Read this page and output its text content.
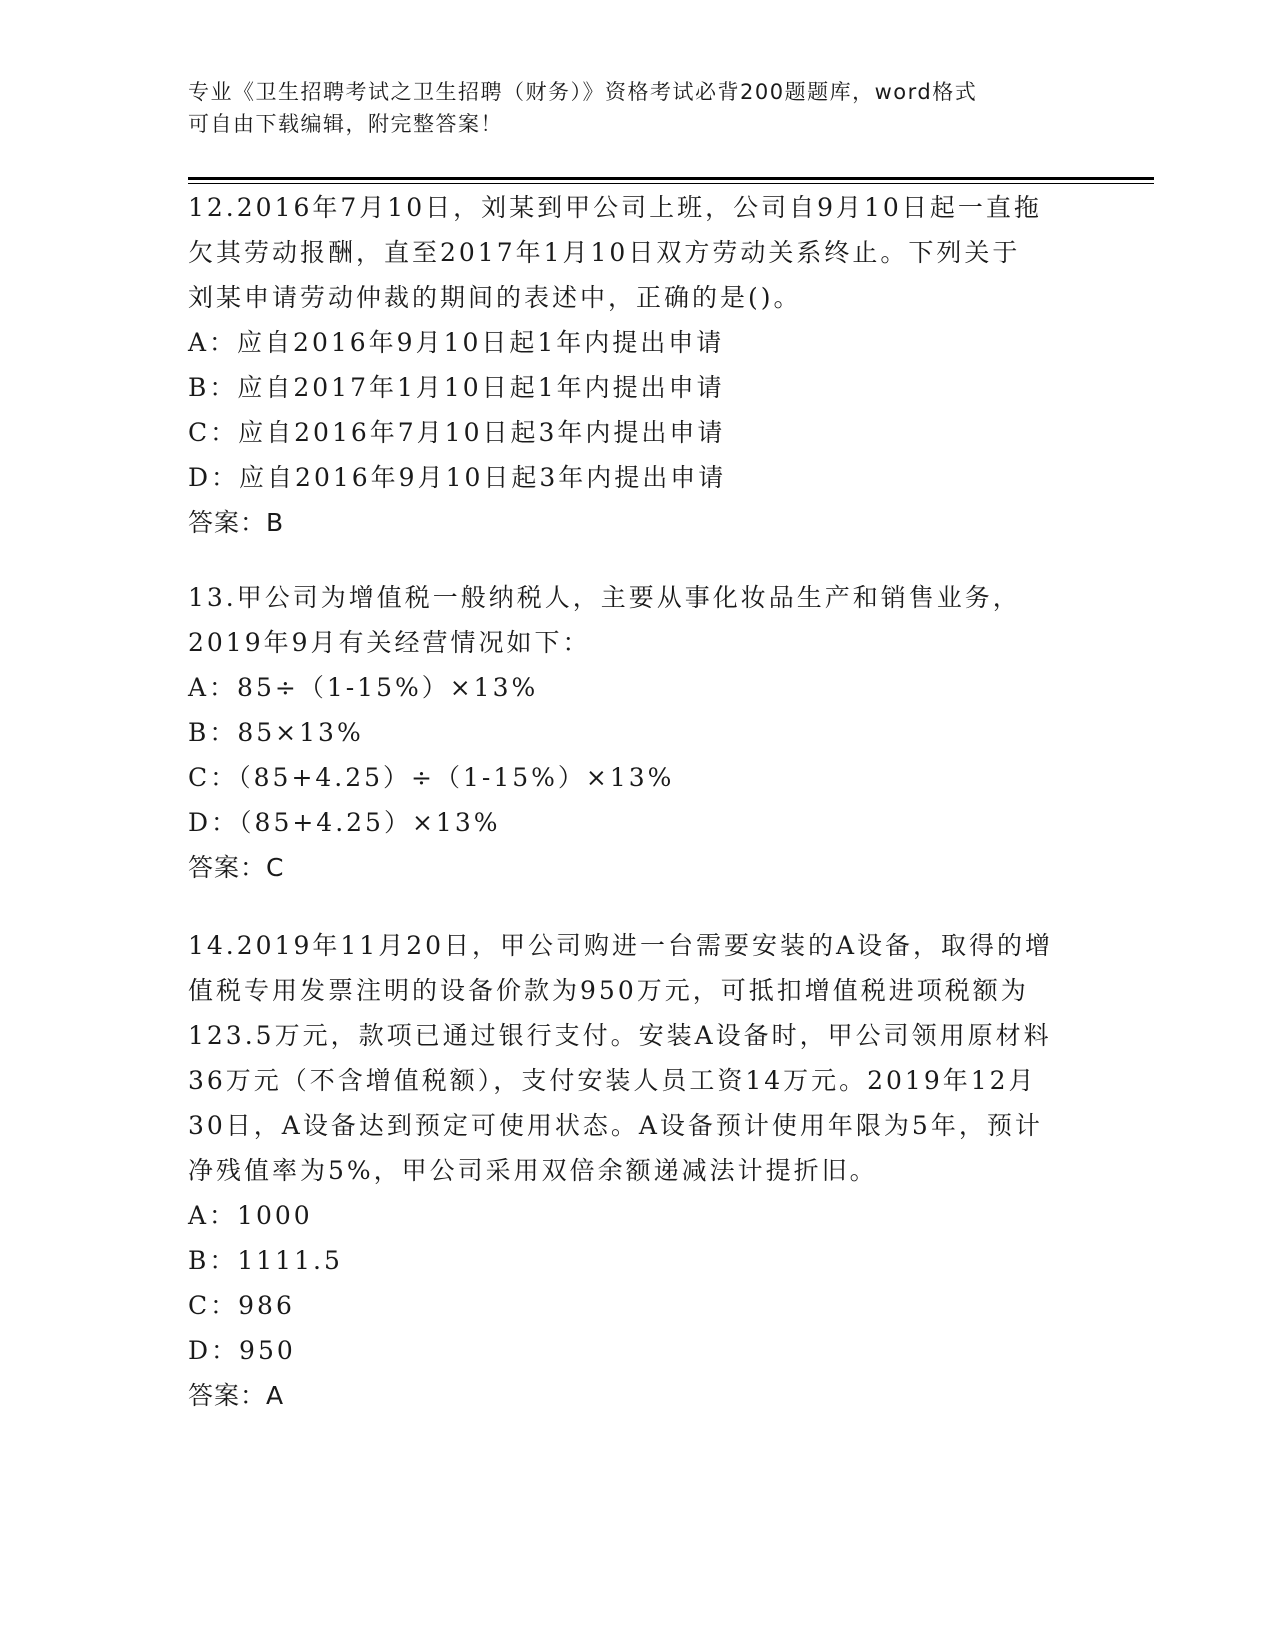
专业《卫生招聘考试之卫生招聘（财务）》资格考试必背200题题库，word格式
可自由下载编辑，附完整答案！
12.2016年7月10日，刘某到甲公司上班，公司自9月10日起一直拖
欠其劳动报酬，直至2017年1月10日双方劳动关系终止。下列关于
刘某申请劳动仲裁的期间的表述中，正确的是()。
A：应自2016年9月10日起1年内提出申请
B：应自2017年1月10日起1年内提出申请
C：应自2016年7月10日起3年内提出申请
D：应自2016年9月10日起3年内提出申请
答案：B
13.甲公司为增值税一般纳税人，主要从事化妆品生产和销售业务，
2019年9月有关经营情况如下：
A：85÷（1-15%）×13%
B：85×13%
C：（85+4.25）÷（1-15%）×13%
D：（85+4.25）×13%
答案：C
14.2019年11月20日，甲公司购进一台需要安装的A设备，取得的增
值税专用发票注明的设备价款为950万元，可抵扣增值税进项税额为
123.5万元，款项已通过银行支付。安装A设备时，甲公司领用原材料
36万元（不含增值税额），支付安装人员工资14万元。2019年12月
30日，A设备达到预定可使用状态。A设备预计使用年限为5年，预计
净残值率为5%，甲公司采用双倍余额递减法计提折旧。
A：1000
B：1111.5
C：986
D：950
答案：A
